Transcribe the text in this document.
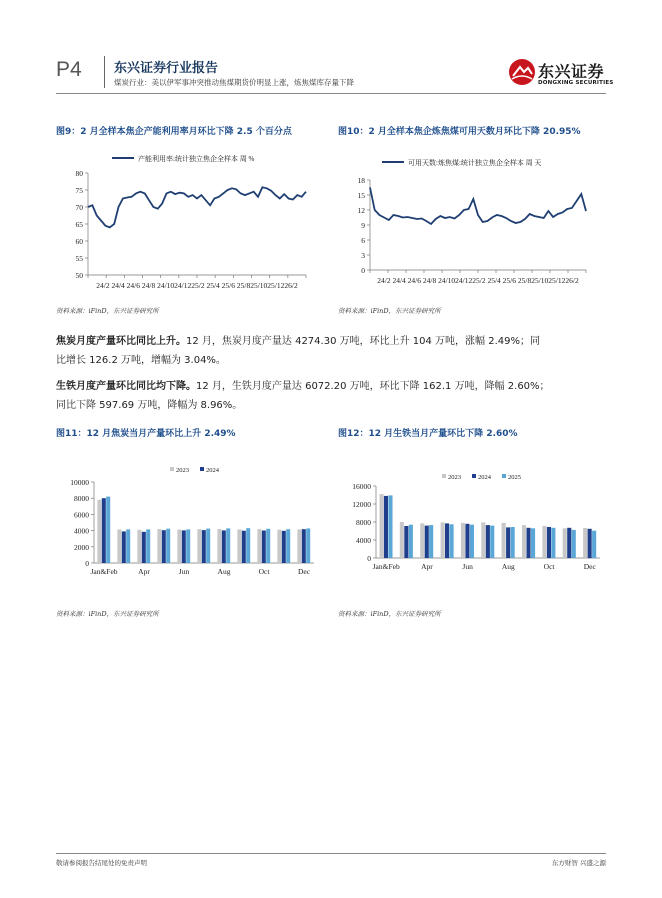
P4 东兴证券行业报告
煤炭行业：美以伊军事冲突推动焦煤期货价明显上涨，炼焦煤库存量下降
东兴证券
DONGXING SECURITIES
图9：2 月全样本焦企产能利用率月环比下降 2.5 个百分点	图10：2 月全样本焦企炼焦煤可用天数月环比下降 20.95%
产能利用率:统计独立焦企全样本 周 %
80
75
70
65
60
55
50
24/2 24/4 24/6 24/8 24/1024/1225/2 25/4 25/6 25/825/1025/1226/2
可用天数:炼焦煤:统计独立焦企全样本 周 天
18
15
12
9
6
3
0
24/2 24/4 24/6 24/8 24/1024/1225/2 25/4 25/6 25/825/1025/1226/2
资料来源：iFinD，东兴证券研究所	资料来源：iFinD，东兴证券研究所
焦炭月度产量环比同比上升。12 月，焦炭月度产量达 4274.30 万吨，环比上升 104 万吨，涨幅 2.49%；同
比增长 126.2 万吨，增幅为 3.04%。
生铁月度产量环比同比均下降。12 月，生铁月度产量达 6072.20 万吨，环比下降 162.1 万吨，降幅 2.60%；
同比下降 597.69 万吨，降幅为 8.96%。
图11：12 月焦炭当月产量环比上升 2.49%	图12：12 月生铁当月产量环比下降 2.60%
2023	2024
10000
8000
6000
4000
2000
0
Jan&Feb	Apr	Jun	Aug	Oct	Dec
2023	2024	2025
16000
12000
8000
4000
0
Jan&Feb	Apr	Jun	Aug	Oct	Dec
资料来源：iFinD，东兴证券研究所	资料来源：iFinD，东兴证券研究所
敬请参阅报告结尾处的免责声明	东方财智 兴盛之源
